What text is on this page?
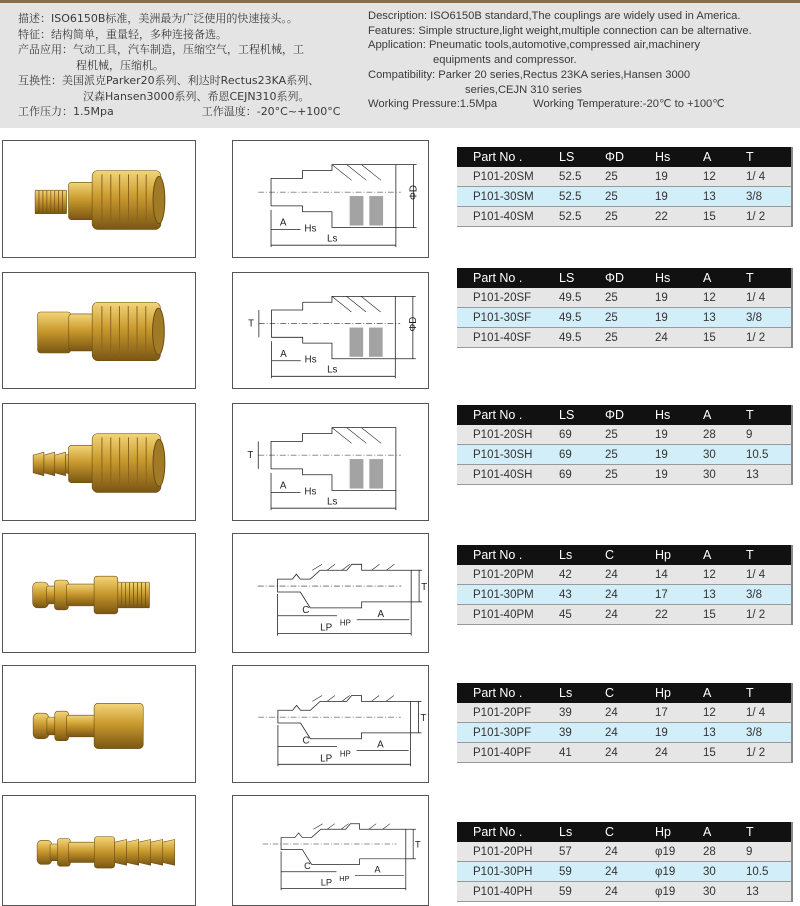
描述：ISO6150B标准，美洲最为广泛使用的快速接头。。
特征：结构简单，重量轻，多种连接备选。
产品应用：气动工具，汽车制造，压缩空气，工程机械，工
程机械，压缩机。
互换性：美国派克Parker20系列、利达时Rectus23KA系列、
汉森Hansen3000系列、希恩CEJN310系列。
工作压力：1.5Mpa	工作温度：-20°C~+100°C
Description: ISO6150B standard,The couplings are widely used in America.
Features: Simple structure,light weight,multiple connection can be alternative.
Application: Pneumatic tools,automotive,compressed air,machinery
equipments and compressor.
Compatibility: Parker 20 series,Rectus 23KA series,Hansen 3000
series,CEJN 310 series
Working Pressure:1.5Mpa	Working Temperature:-20℃ to +100℃
A
Hs
Ls
ΦD
Part No .	LS	ΦD	Hs	A	T
P101-20SM	52.5	25	19	12	1/ 4
P101-30SM	52.5	25	19	13	3/8
P101-40SM	52.5	25	22	15	1/ 2
A
Hs
Ls
ΦD
T
Part No .	LS	ΦD	Hs	A	T
P101-20SF	49.5	25	19	12	1/ 4
P101-30SF	49.5	25	19	13	3/8
P101-40SF	49.5	25	24	15	1/ 2
A
Hs
Ls
T
Part No .	LS	ΦD	Hs	A	T
P101-20SH	69	25	19	28	9
P101-30SH	69	25	19	30	10.5
P101-40SH	69	25	19	30	13
C
HP
LP
A
T
Part No .	Ls	C	Hp	A	T
P101-20PM	42	24	14	12	1/ 4
P101-30PM	43	24	17	13	3/8
P101-40PM	45	24	22	15	1/ 2
C
HP
LP
A
T
Part No .	Ls	C	Hp	A	T
P101-20PF	39	24	17	12	1/ 4
P101-30PF	39	24	19	13	3/8
P101-40PF	41	24	24	15	1/ 2
C
HP
LP
A
T
Part No .	Ls	C	Hp	A	T
P101-20PH	57	24	φ19	28	9
P101-30PH	59	24	φ19	30	10.5
P101-40PH	59	24	φ19	30	13
